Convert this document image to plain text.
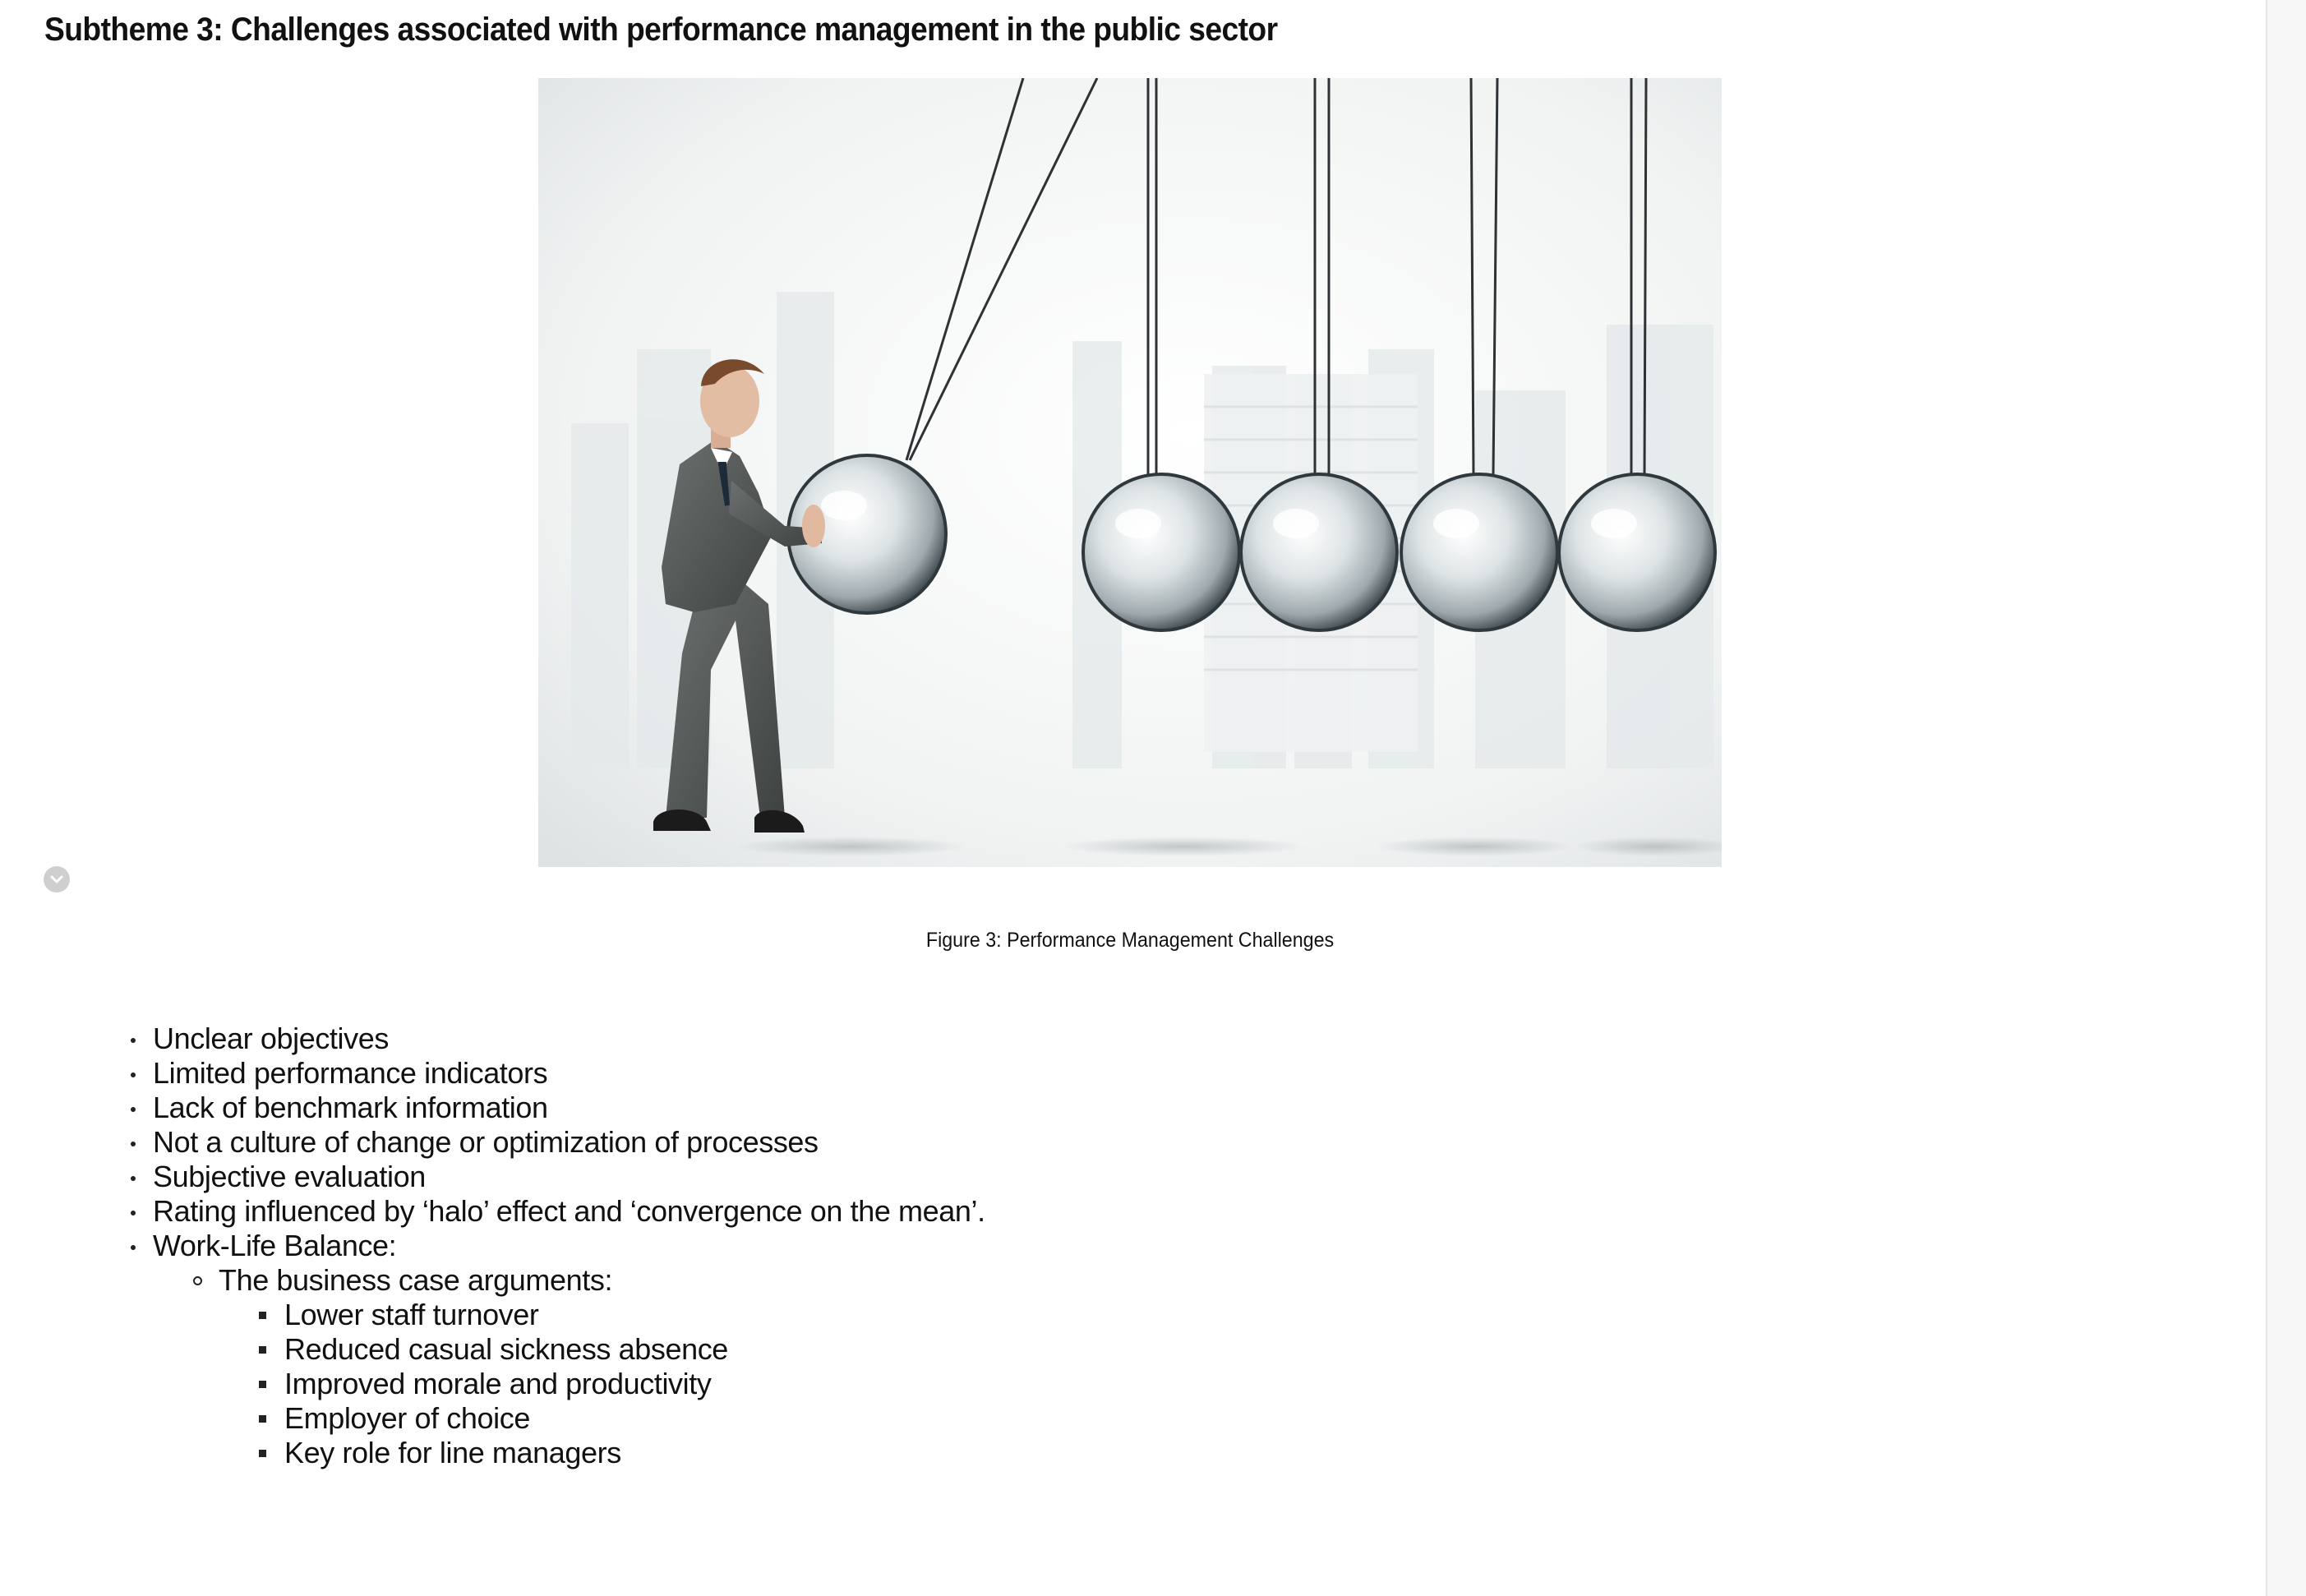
Subtheme 3: Challenges associated with performance management in the public sector
Figure 3: Performance Management Challenges
Unclear objectives
Limited performance indicators
Lack of benchmark information
Not a culture of change or optimization of processes
Subjective evaluation
Rating influenced by ‘halo’ effect and ‘convergence on the mean’.
Work-Life Balance:
The business case arguments:
Lower staff turnover
Reduced casual sickness absence
Improved morale and productivity
Employer of choice
Key role for line managers
